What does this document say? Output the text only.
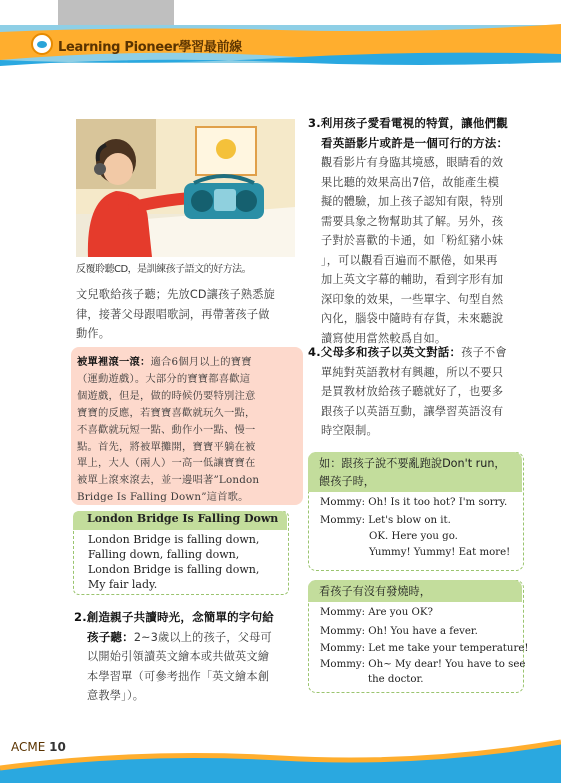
Learning Pioneer學習最前線
反覆聆聽CD，是訓練孩子語文的好方法。
文兒歌給孩子聽；先放CD讓孩子熟悉旋
律，接著父母跟唱歌詞，再帶著孩子做
動作。
被單裡滾一滾：適合6個月以上的寶寶
（運動遊戲）。大部分的寶寶都喜歡這
個遊戲，但是，做的時候仍要特別注意
寶寶的反應，若寶寶喜歡就玩久一點，
不喜歡就玩短一點、動作小一點、慢一
點。首先，將被單攤開，寶寶平躺在被
單上，大人（兩人）一高一低讓寶寶在
被單上滾來滾去，並一邊唱著”London
Bridge Is Falling Down”這首歌。
London Bridge Is Falling Down
London Bridge is falling down,
Falling down, falling down,
London Bridge is falling down,
My fair lady.
2.創造親子共讀時光，念簡單的字句給
孩子聽：2~3歲以上的孩子，父母可
以開始引領讀英文繪本或共做英文繪
本學習單（可參考拙作「英文繪本創
意教學」）。
3.利用孩子愛看電視的特質，讓他們觀
看英語影片或許是一個可行的方法：
觀看影片有身臨其境感，眼睛看的效
果比聽的效果高出7倍，故能產生模
擬的體驗，加上孩子認知有限，特別
需要具象之物幫助其了解。另外，孩
子對於喜歡的卡通，如「粉紅豬小妹
」，可以觀看百遍而不厭倦，如果再
加上英文字幕的輔助，看到字形有加
深印象的效果，一些單字、句型自然
內化，腦袋中隨時有存貨，未來聽說
讀寫使用當然較爲自如。
4.父母多和孩子以英文對話：孩子不會
單純對英語教材有興趣，所以不要只
是買教材放給孩子聽就好了，也要多
跟孩子以英語互動，讓學習英語沒有
時空限制。
如：跟孩子說不要亂跑說Don't run，
餵孩子時，
Mommy: Oh! Is it too hot? I'm sorry.
Mommy: Let's blow on it.
OK. Here you go.
Yummy! Yummy! Eat more!
看孩子有沒有發燒時，
Mommy: Are you OK?
Mommy: Oh! You have a fever.
Mommy: Let me take your temperature!
Mommy: Oh~ My dear! You have to see
the doctor.
ACME 10
